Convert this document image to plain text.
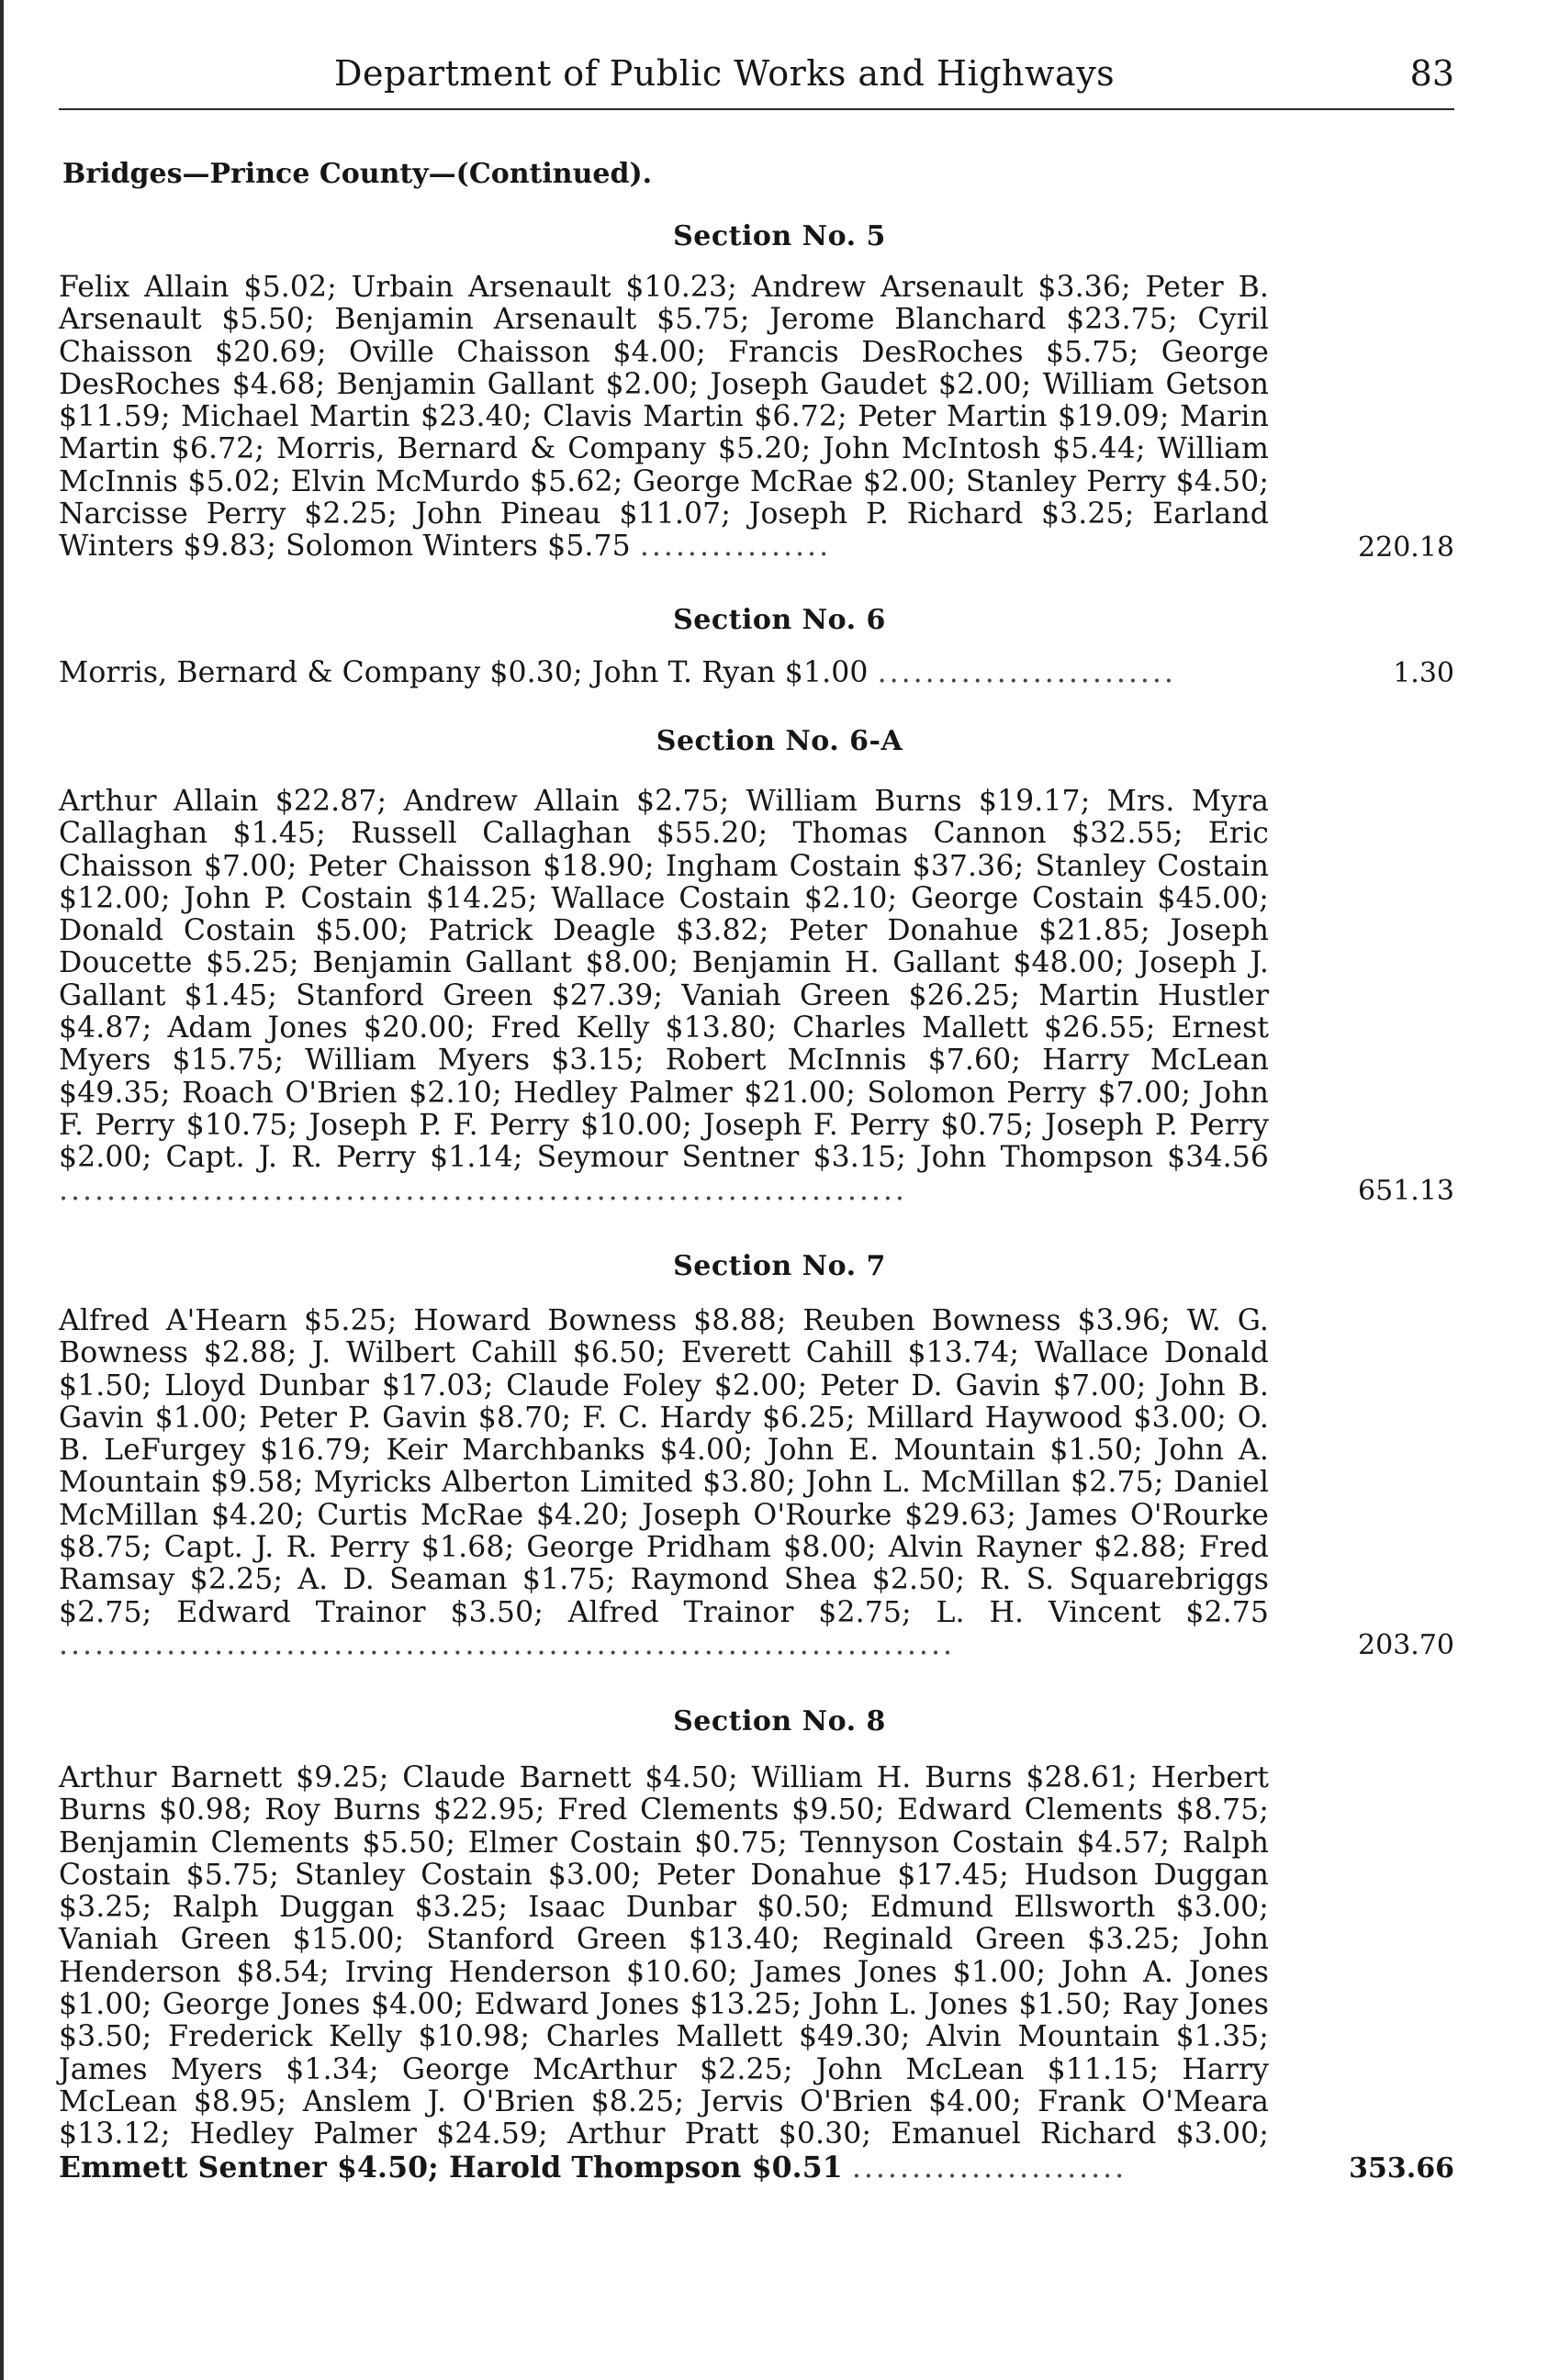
Department of Public Works and Highways	83
Bridges—Prince County—(Continued).
Section No. 5
Felix Allain $5.02; Urbain Arsenault $10.23; Andrew Arsenault $3.36; Peter B. Arsenault $5.50; Benjamin Arsenault $5.75; Jerome Blanchard $23.75; Cyril Chaisson $20.69; Oville Chaisson $4.00; Francis DesRoches $5.75; George DesRoches $4.68; Benjamin Gallant $2.00; Joseph Gaudet $2.00; William Getson $11.59; Michael Martin $23.40; Clavis Martin $6.72; Peter Martin $19.09; Marin Martin $6.72; Morris, Bernard & Company $5.20; John McIntosh $5.44; William McInnis $5.02; Elvin McMurdo $5.62; George McRae $2.00; Stanley Perry $4.50; Narcisse Perry $2.25; John Pineau $11.07; Joseph P. Richard $3.25; Earland Winters $9.83; Solomon Winters $5.75 ................	220.18
Section No. 6
Morris, Bernard & Company $0.30; John T. Ryan $1.00 .........................	1.30
Section No. 6-A
Arthur Allain $22.87; Andrew Allain $2.75; William Burns $19.17; Mrs. Myra Callaghan $1.45; Russell Callaghan $55.20; Thomas Cannon $32.55; Eric Chaisson $7.00; Peter Chaisson $18.90; Ingham Costain $37.36; Stanley Costain $12.00; John P. Costain $14.25; Wallace Costain $2.10; George Costain $45.00; Donald Costain $5.00; Patrick Deagle $3.82; Peter Donahue $21.85; Joseph Doucette $5.25; Benjamin Gallant $8.00; Benjamin H. Gallant $48.00; Joseph J. Gallant $1.45; Stanford Green $27.39; Vaniah Green $26.25; Martin Hustler $4.87; Adam Jones $20.00; Fred Kelly $13.80; Charles Mallett $26.55; Ernest Myers $15.75; William Myers $3.15; Robert McInnis $7.60; Harry McLean $49.35; Roach O'Brien $2.10; Hedley Palmer $21.00; Solomon Perry $7.00; John F. Perry $10.75; Joseph P. F. Perry $10.00; Joseph F. Perry $0.75; Joseph P. Perry $2.00; Capt. J. R. Perry $1.14; Seymour Sentner $3.15; John Thompson $34.56 .......................................................................	651.13
Section No. 7
Alfred A'Hearn $5.25; Howard Bowness $8.88; Reuben Bowness $3.96; W. G. Bowness $2.88; J. Wilbert Cahill $6.50; Everett Cahill $13.74; Wallace Donald $1.50; Lloyd Dunbar $17.03; Claude Foley $2.00; Peter D. Gavin $7.00; John B. Gavin $1.00; Peter P. Gavin $8.70; F. C. Hardy $6.25; Millard Haywood $3.00; O. B. LeFurgey $16.79; Keir Marchbanks $4.00; John E. Mountain $1.50; John A. Mountain $9.58; Myricks Alberton Limited $3.80; John L. McMillan $2.75; Daniel McMillan $4.20; Curtis McRae $4.20; Joseph O'Rourke $29.63; James O'Rourke $8.75; Capt. J. R. Perry $1.68; George Pridham $8.00; Alvin Rayner $2.88; Fred Ramsay $2.25; A. D. Seaman $1.75; Raymond Shea $2.50; R. S. Squarebriggs $2.75; Edward Trainor $3.50; Alfred Trainor $2.75; L. H. Vincent $2.75 ...........................................................................	203.70
Section No. 8
Arthur Barnett $9.25; Claude Barnett $4.50; William H. Burns $28.61; Herbert Burns $0.98; Roy Burns $22.95; Fred Clements $9.50; Edward Clements $8.75; Benjamin Clements $5.50; Elmer Costain $0.75; Tennyson Costain $4.57; Ralph Costain $5.75; Stanley Costain $3.00; Peter Donahue $17.45; Hudson Duggan $3.25; Ralph Duggan $3.25; Isaac Dunbar $0.50; Edmund Ellsworth $3.00; Vaniah Green $15.00; Stanford Green $13.40; Reginald Green $3.25; John Henderson $8.54; Irving Henderson $10.60; James Jones $1.00; John A. Jones $1.00; George Jones $4.00; Edward Jones $13.25; John L. Jones $1.50; Ray Jones $3.50; Frederick Kelly $10.98; Charles Mallett $49.30; Alvin Mountain $1.35; James Myers $1.34; George McArthur $2.25; John McLean $11.15; Harry McLean $8.95; Anslem J. O'Brien $8.25; Jervis O'Brien $4.00; Frank O'Meara $13.12; Hedley Palmer $24.59; Arthur Pratt $0.30; Emanuel Richard $3.00; Emmett Sentner $4.50; Harold Thompson $0.51 .......................	353.66
